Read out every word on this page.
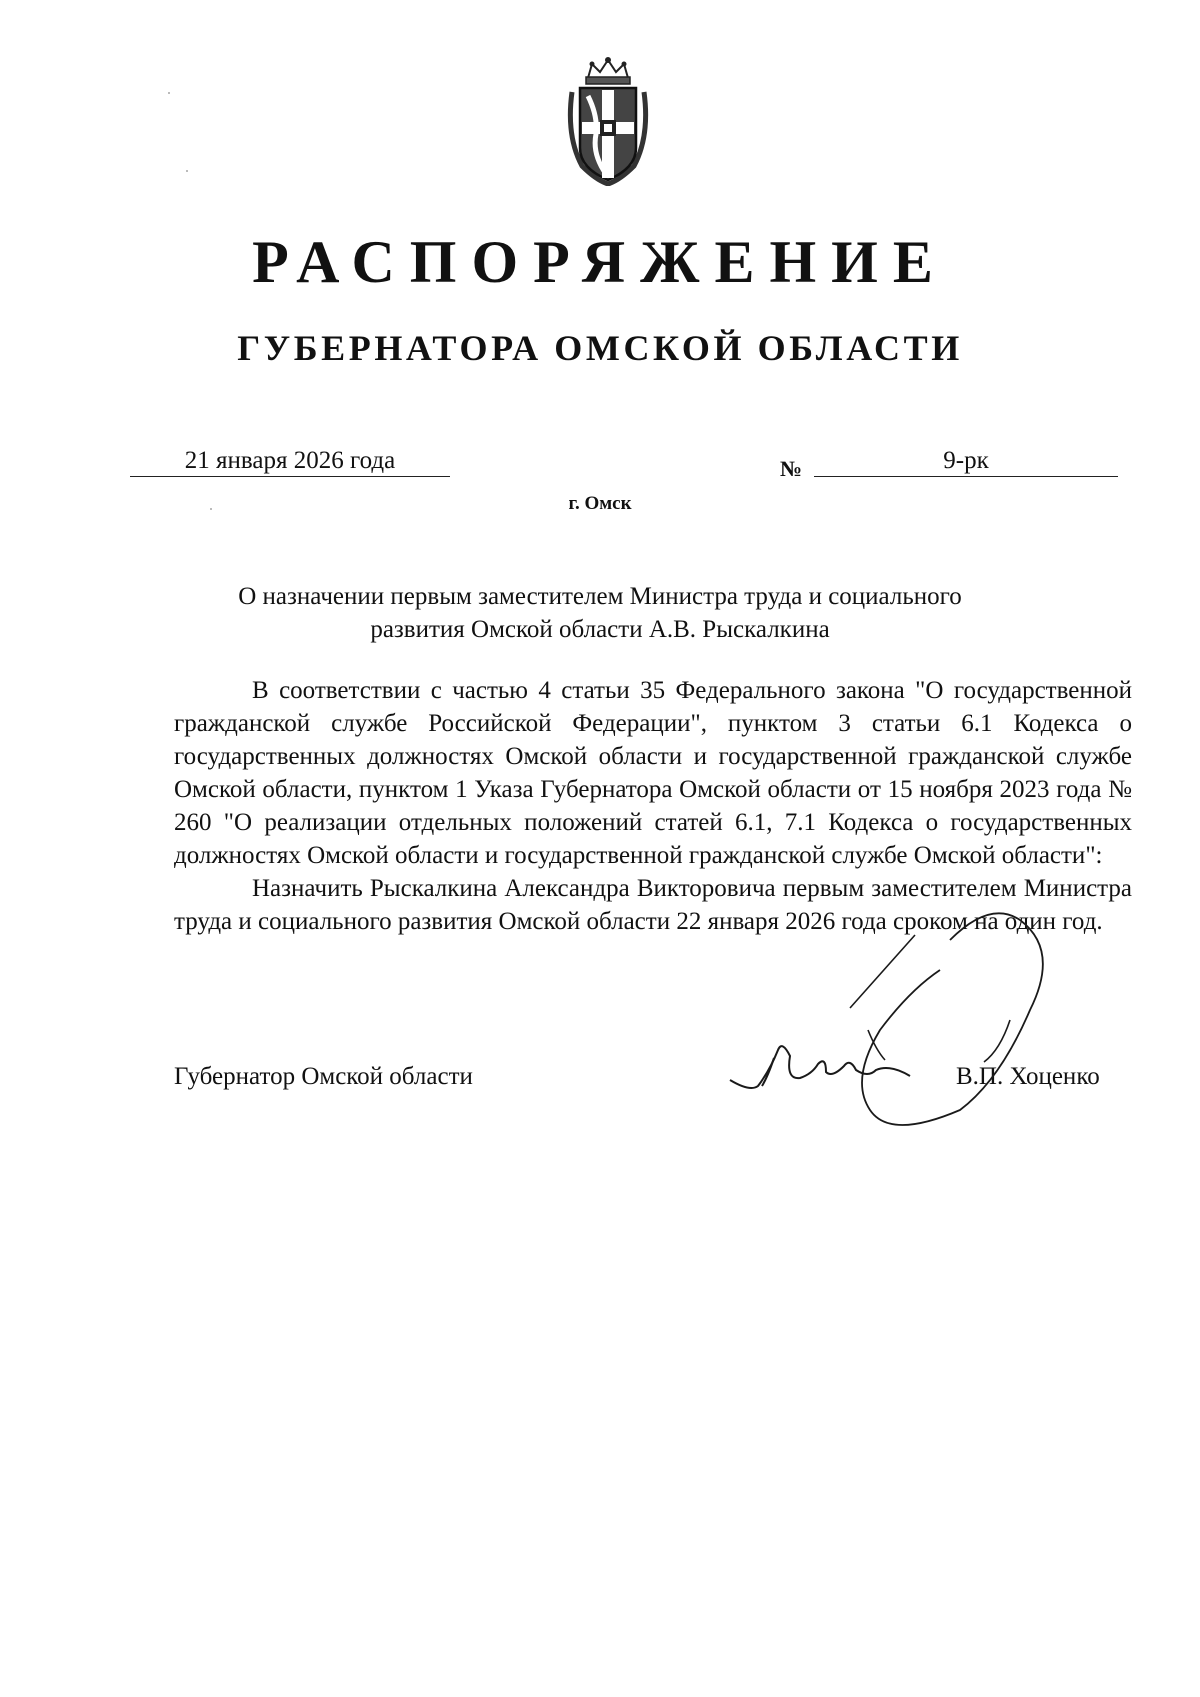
РАСПОРЯЖЕНИЕ
ГУБЕРНАТОРА ОМСКОЙ ОБЛАСТИ
21 января 2026 года	№	9-рк
г. Омск
О назначении первым заместителем Министра труда и социального
развития Омской области А.В. Рыскалкина

В соответствии с частью 4 статьи 35 Федерального закона "О государственной гражданской службе Российской Федерации", пунктом 3 статьи 6.1 Кодекса о государственных должностях Омской области и государственной гражданской службе Омской области, пунктом 1 Указа Губернатора Омской области от 15 ноября 2023 года № 260 "О реализации отдельных положений статей 6.1, 7.1 Кодекса о государственных должностях Омской области и государственной гражданской службе Омской области":

Назначить Рыскалкина Александра Викторовича первым заместителем Министра труда и социального развития Омской области 22 января 2026 года сроком на один год.

Губернатор Омской области	В.П. Хоценко
